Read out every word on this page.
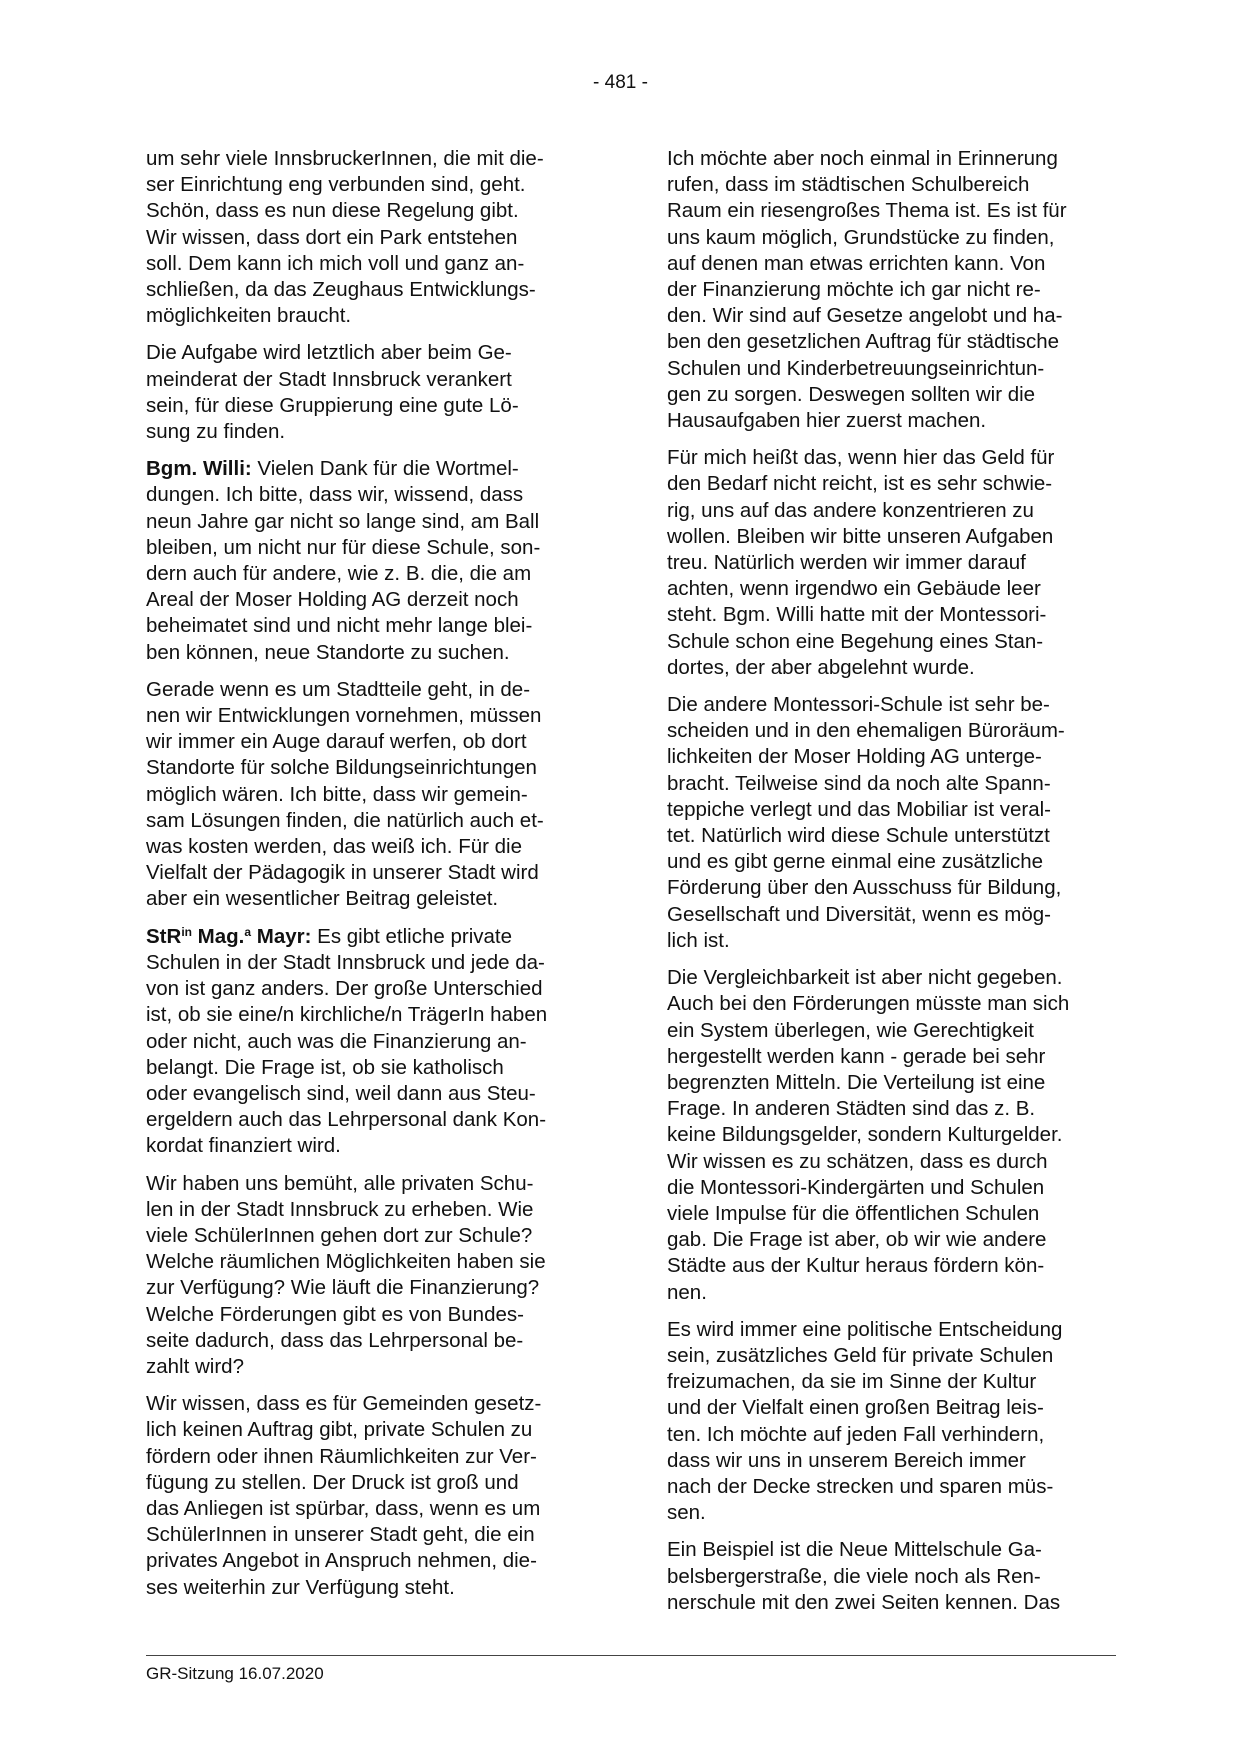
- 481 -

um sehr viele InnsbruckerInnen, die mit die-
ser Einrichtung eng verbunden sind, geht.
Schön, dass es nun diese Regelung gibt.
Wir wissen, dass dort ein Park entstehen
soll. Dem kann ich mich voll und ganz an-
schließen, da das Zeughaus Entwicklungs-
möglichkeiten braucht.

Die Aufgabe wird letztlich aber beim Ge-
meinderat der Stadt Innsbruck verankert
sein, für diese Gruppierung eine gute Lö-
sung zu finden.

Bgm. Willi: Vielen Dank für die Wortmel-
dungen. Ich bitte, dass wir, wissend, dass
neun Jahre gar nicht so lange sind, am Ball
bleiben, um nicht nur für diese Schule, son-
dern auch für andere, wie z. B. die, die am
Areal der Moser Holding AG derzeit noch
beheimatet sind und nicht mehr lange blei-
ben können, neue Standorte zu suchen.

Gerade wenn es um Stadtteile geht, in de-
nen wir Entwicklungen vornehmen, müssen
wir immer ein Auge darauf werfen, ob dort
Standorte für solche Bildungseinrichtungen
möglich wären. Ich bitte, dass wir gemein-
sam Lösungen finden, die natürlich auch et-
was kosten werden, das weiß ich. Für die
Vielfalt der Pädagogik in unserer Stadt wird
aber ein wesentlicher Beitrag geleistet.

StR$^{in}$ Mag.$^a$ Mayr: Es gibt etliche private
Schulen in der Stadt Innsbruck und jede da-
von ist ganz anders. Der große Unterschied
ist, ob sie eine/n kirchliche/n TrägerIn haben
oder nicht, auch was die Finanzierung an-
belangt. Die Frage ist, ob sie katholisch
oder evangelisch sind, weil dann aus Steu-
ergeldern auch das Lehrpersonal dank Kon-
kordat finanziert wird.

Wir haben uns bemüht, alle privaten Schu-
len in der Stadt Innsbruck zu erheben. Wie
viele SchülerInnen gehen dort zur Schule?
Welche räumlichen Möglichkeiten haben sie
zur Verfügung? Wie läuft die Finanzierung?
Welche Förderungen gibt es von Bundes-
seite dadurch, dass das Lehrpersonal be-
zahlt wird?

Wir wissen, dass es für Gemeinden gesetz-
lich keinen Auftrag gibt, private Schulen zu
fördern oder ihnen Räumlichkeiten zur Ver-
fügung zu stellen. Der Druck ist groß und
das Anliegen ist spürbar, dass, wenn es um
SchülerInnen in unserer Stadt geht, die ein
privates Angebot in Anspruch nehmen, die-
ses weiterhin zur Verfügung steht.

Ich möchte aber noch einmal in Erinnerung
rufen, dass im städtischen Schulbereich
Raum ein riesengroßes Thema ist. Es ist für
uns kaum möglich, Grundstücke zu finden,
auf denen man etwas errichten kann. Von
der Finanzierung möchte ich gar nicht re-
den. Wir sind auf Gesetze angelobt und ha-
ben den gesetzlichen Auftrag für städtische
Schulen und Kinderbetreuungseinrichtun-
gen zu sorgen. Deswegen sollten wir die
Hausaufgaben hier zuerst machen.

Für mich heißt das, wenn hier das Geld für
den Bedarf nicht reicht, ist es sehr schwie-
rig, uns auf das andere konzentrieren zu
wollen. Bleiben wir bitte unseren Aufgaben
treu. Natürlich werden wir immer darauf
achten, wenn irgendwo ein Gebäude leer
steht. Bgm. Willi hatte mit der Montessori-
Schule schon eine Begehung eines Stan-
dortes, der aber abgelehnt wurde.

Die andere Montessori-Schule ist sehr be-
scheiden und in den ehemaligen Büroräum-
lichkeiten der Moser Holding AG unterge-
bracht. Teilweise sind da noch alte Spann-
teppiche verlegt und das Mobiliar ist veral-
tet. Natürlich wird diese Schule unterstützt
und es gibt gerne einmal eine zusätzliche
Förderung über den Ausschuss für Bildung,
Gesellschaft und Diversität, wenn es mög-
lich ist.

Die Vergleichbarkeit ist aber nicht gegeben.
Auch bei den Förderungen müsste man sich
ein System überlegen, wie Gerechtigkeit
hergestellt werden kann - gerade bei sehr
begrenzten Mitteln. Die Verteilung ist eine
Frage. In anderen Städten sind das z. B.
keine Bildungsgelder, sondern Kulturgelder.
Wir wissen es zu schätzen, dass es durch
die Montessori-Kindergärten und Schulen
viele Impulse für die öffentlichen Schulen
gab. Die Frage ist aber, ob wir wie andere
Städte aus der Kultur heraus fördern kön-
nen.

Es wird immer eine politische Entscheidung
sein, zusätzliches Geld für private Schulen
freizumachen, da sie im Sinne der Kultur
und der Vielfalt einen großen Beitrag leis-
ten. Ich möchte auf jeden Fall verhindern,
dass wir uns in unserem Bereich immer
nach der Decke strecken und sparen müs-
sen.

Ein Beispiel ist die Neue Mittelschule Ga-
belsbergerstraße, die viele noch als Ren-
nerschule mit den zwei Seiten kennen. Das

GR-Sitzung 16.07.2020
